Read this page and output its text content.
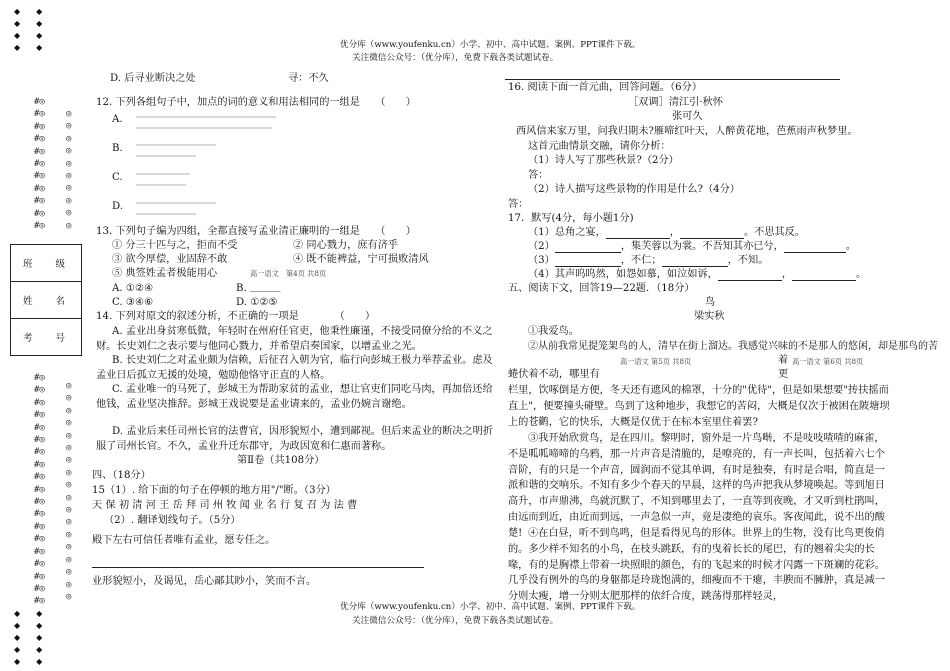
◆　　◆
◆　　◆
◆　　◆
◆　　◆
◆　　◆
◆　　◆
◆　　◆
◆　　◆
◆　　◆
优分库（www.youfenku.cn）小学、初中、高中试题、案例、PPT课件下载。
关注微信公众号：（优分库），免费下载各类试题试卷。
#◎
#◎
#◎
#◎
#◎
#◎
#◎
#◎
#◎
#◎
#◎
◎
◎
◎
◎
◎
◎
◎
◎
◎
◎
#◎
#◎
#◎
#◎
#◎
#◎
#◎
#◎
#◎
#◎
#◎
#◎
#◎
#◎
#◎
#◎
#◎
#◎
#◎
◎
◎
◎
◎
◎
◎
◎
◎
◎
◎
◎
◎
◎
◎
◎
◎
◎
◎
班 级
姓 名
考 号
D. 后寻业断决之处	寻：不久
12. 下列各组句子中，加点的词的意义和用法相同的一组是　　（　　）
A.
B.
C.
D.
13. 下列句子编为四组，全都直接写孟业清正廉明的一组是　　（　　）
① 分三十匹与之，拒而不受	② 同心戮力，庶有济乎
③ 欲今厚偿，业固辞不敢	④ 既不能裨益，宁可损败清风
⑤ 典签姓孟者极能用心	高一语文　第4页 共8页
A. ①②④	B. ＿＿＿
C. ③④⑥	D. ①②⑤
14. 下列对原文的叙述分析，不正确的一项是　　　　（　　）
A. 孟业出身贫寒低微，年轻时在州府任官吏，他秉性廉谨，不接受同僚分给的不义之财。长史刘仁之表示要与他同心戮力，并希望启奏国家，以增孟业之光。
B. 长史刘仁之对孟业颇为信赖，后征召入朝为官，临行向彭城王极力举荐孟业。虑及孟业日后孤立无援的处境，勉励他恪守正直的人格。
C. 孟业唯一的马死了，彭城王为帮助家贫的孟业，想让官吏们同吃马肉，再加倍还给他钱，孟业坚决推辞。彭城王戏说要是孟业请来的，孟业仍婉言谢绝。
D. 孟业后来任司州长官的法曹官，因形貌短小，遭到鄙视。但后来孟业的断决之明折服了司州长官。不久，孟业升迁东郡守，为政因宽和仁惠而著称。
第Ⅱ卷（共108分）
四、（18分）
15（1）. 给下面的句子在停顿的地方用"/"断。（3分）
天 保 初 清 河 王 岳 拜 司 州 牧 闻 业 名 行 复 召 为 法 曹
（2）. 翻译划线句子。（5分）
殿下左右可信任者唯有孟业，愿专任之。
业形貌短小，及谒见，岳心鄙其眇小，笑而不言。
16. 阅读下面一首元曲，回答问题。（6分）
［双调］清江引·秋怀
张可久
西风信来家万里，问我归期未?雁啼红叶天，人醉黄花地，芭蕉雨声秋梦里。
这首元曲情景交融，请你分析：
（1）诗人写了那些秋景?（2分）
答：
（2）诗人描写这些景物的作用是什么?（4分）
答：
17．默写(4分，每小题1分)
（1）总角之宴，	，	。不思其反。
（2）	，集芙蓉以为裳。不吾知其亦已兮，	。
（3）	，不仁；	，不知。
（4）其声呜呜然，如怨如慕，如泣如诉，	，	。
五、阅读下文，回答19—22题．（18分）
鸟
梁实秋
①我爱鸟。
②从前我常见提笼架鸟的人，清早在街上溜达。我感觉兴味的不是那人的悠闲，却是那鸟的苦
高一语文 第5页 共8页	着 高一语文 第6页 共8页
蜷伏着不动，哪里有	更
栏里，饮啄倒是方便，冬天还有遮风的棉罩，十分的"优待"，但是如果想要"抟扶摇而直上"，便要撞头碰壁。鸟到了这种地步，我想它的苦闷，大概是仅次于被困在陂塘坝上的苍鹳，它的快乐，大概是仅优于在标本室里住着罢?
③我开始欣赏鸟，是在四川。黎明时，窗外是一片鸟啭，不是吱吱喳喳的麻雀，不是呱呱啼啼的乌鸦，那一片声音是清脆的，是嘹亮的，有一声长叫，包括着六七个音阶，有的只是一个声音，圆润而不觉其单调，有时是独奏，有时是合唱，简直是一派和谐的交响乐。不知有多少个春天的早晨，这样的鸟声把我从梦境唤起。等到旭日高升，市声鼎沸，鸟就沉默了，不知到哪里去了，一直等到夜晚，才又听到杜鹃叫，由远而到近，由近而到远，一声急似一声，竟是凄绝的哀乐。客夜闻此，说不出的酸楚! ④在白昼，听不到鸟鸣，但是看得见鸟的形体。世界上的生物，没有比鸟更俊俏的。多少样不知名的小鸟，在枝头跳跃，有的曳着长长的尾巴，有的翘着尖尖的长喙，有的是胸襟上带着一块照眼的颜色，有的飞起来的时候才闪露一下斑斓的花彩。几乎没有例外的鸟的身躯都是玲珑饱满的，细瘦而不干瘪，丰腴而不臃肿，真是减一分则太瘦，增一分则太肥那样的依纤合度，跳荡得那样轻灵，
优分库（www.youfenku.cn）小学、初中、高中试题、案例、PPT课件下载。
关注微信公众号：（优分库），免费下载各类试题试卷。
